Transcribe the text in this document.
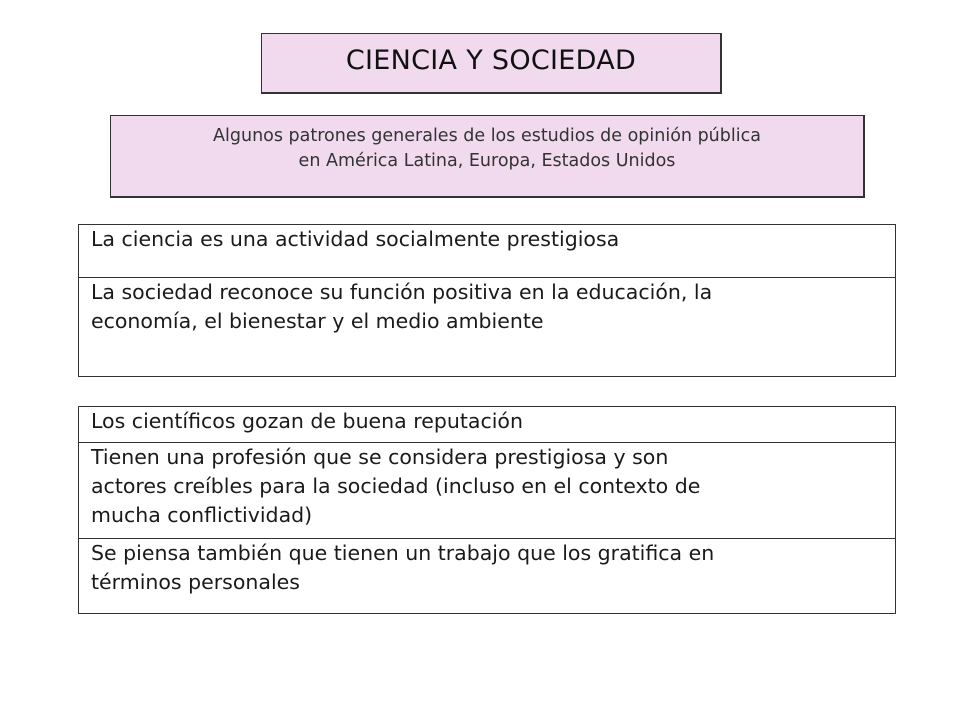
CIENCIA Y SOCIEDAD
Algunos patrones generales de los estudios de opinión pública
en América Latina, Europa, Estados Unidos
La ciencia es una actividad socialmente prestigiosa

La sociedad reconoce su función positiva en la educación, la
economía, el bienestar y el medio ambiente
Los científicos gozan de buena reputación

Tienen una profesión que se considera prestigiosa y son
actores creíbles para la sociedad (incluso en el contexto de
mucha conflictividad)

Se piensa también que tienen un trabajo que los gratifica en
términos personales
